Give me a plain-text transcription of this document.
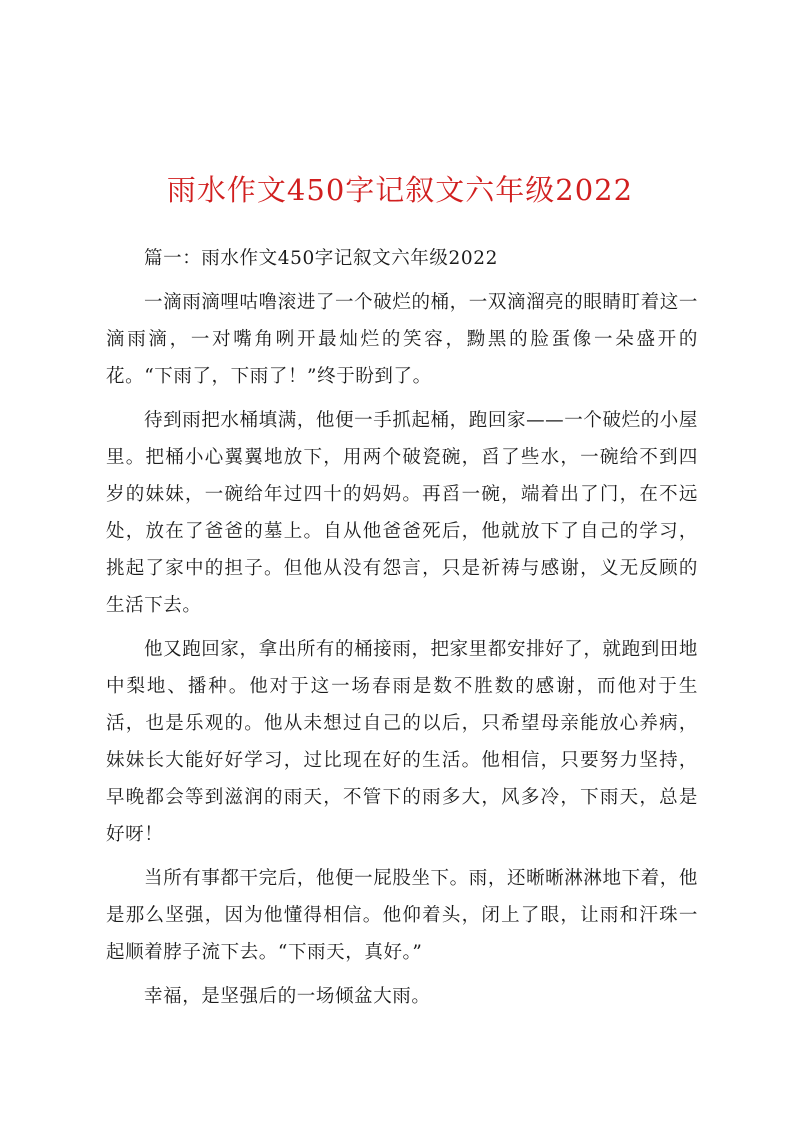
雨水作文450字记叙文六年级2022

篇一：雨水作文450字记叙文六年级2022

一滴雨滴哩咕噜滚进了一个破烂的桶，一双滴溜亮的眼睛盯着这一滴雨滴，一对嘴角咧开最灿烂的笑容，黝黑的脸蛋像一朵盛开的花。“下雨了，下雨了！”终于盼到了。

待到雨把水桶填满，他便一手抓起桶，跑回家——一个破烂的小屋里。把桶小心翼翼地放下，用两个破瓷碗，舀了些水，一碗给不到四岁的妹妹，一碗给年过四十的妈妈。再舀一碗，端着出了门，在不远处，放在了爸爸的墓上。自从他爸爸死后，他就放下了自己的学习，挑起了家中的担子。但他从没有怨言，只是祈祷与感谢，义无反顾的生活下去。

他又跑回家，拿出所有的桶接雨，把家里都安排好了，就跑到田地中梨地、播种。他对于这一场春雨是数不胜数的感谢，而他对于生活，也是乐观的。他从未想过自己的以后，只希望母亲能放心养病，妹妹长大能好好学习，过比现在好的生活。他相信，只要努力坚持，早晚都会等到滋润的雨天，不管下的雨多大，风多冷，下雨天，总是好呀！

当所有事都干完后，他便一屁股坐下。雨，还晰晰淋淋地下着，他是那么坚强，因为他懂得相信。他仰着头，闭上了眼，让雨和汗珠一起顺着脖子流下去。“下雨天，真好。”

幸福，是坚强后的一场倾盆大雨。
